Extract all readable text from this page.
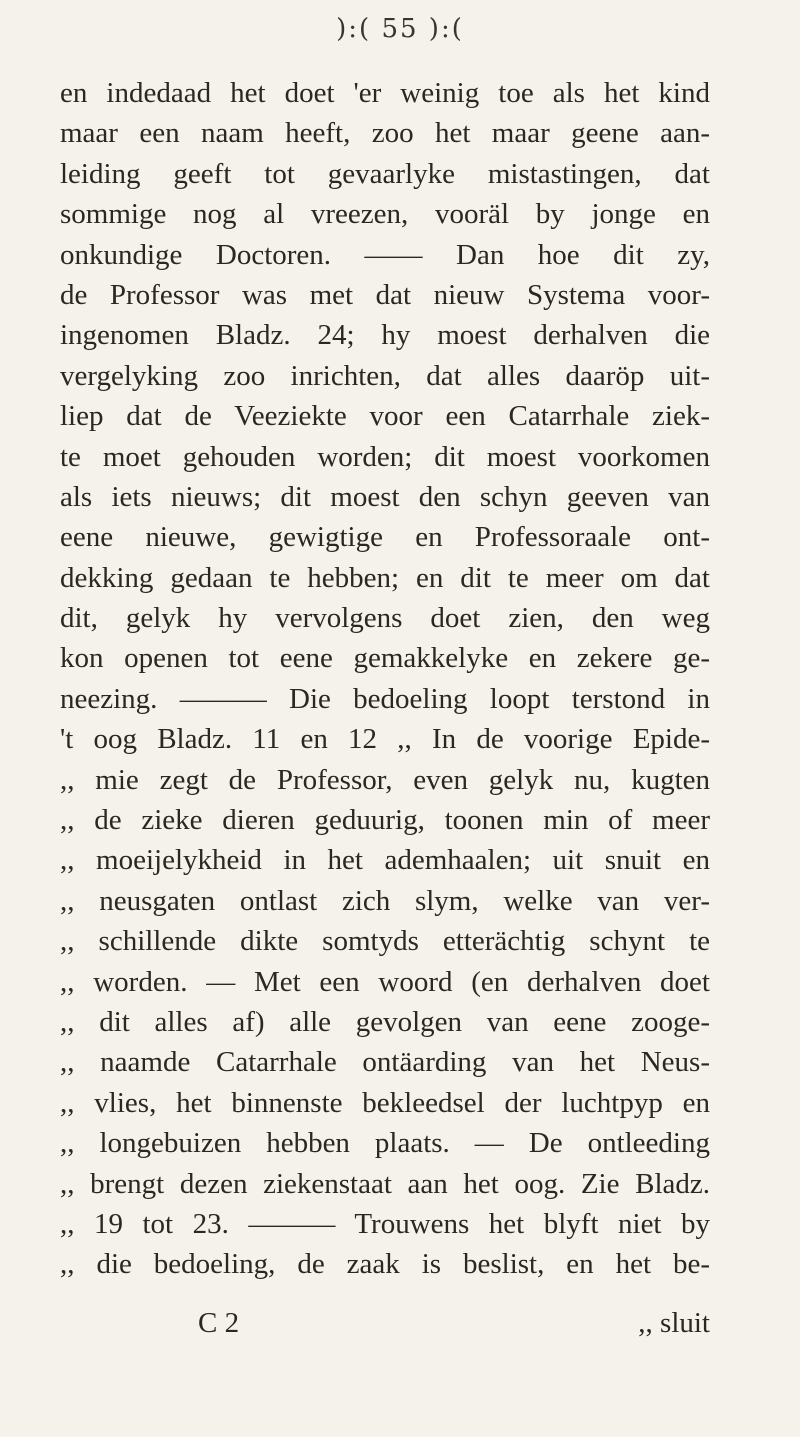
):( 55 ):(
en indedaad het doet 'er weinig toe als het kind
maar een naam heeft, zoo het maar geene aan-
leiding geeft tot gevaarlyke mistastingen, dat
sommige nog al vreezen, vooräl by jonge en
onkundige Doctoren. —— Dan hoe dit zy,
de Professor was met dat nieuw Systema voor-
ingenomen Bladz. 24; hy moest derhalven die
vergelyking zoo inrichten, dat alles daaröp uit-
liep dat de Veeziekte voor een Catarrhale ziek-
te moet gehouden worden; dit moest voorkomen
als iets nieuws; dit moest den schyn geeven van
eene nieuwe, gewigtige en Professoraale ont-
dekking gedaan te hebben; en dit te meer om dat
dit, gelyk hy vervolgens doet zien, den weg
kon openen tot eene gemakkelyke en zekere ge-
neezing. ——— Die bedoeling loopt terstond in
't oog Bladz. 11 en 12 ,, In de voorige Epide-
,, mie zegt de Professor, even gelyk nu, kugten
,, de zieke dieren geduurig, toonen min of meer
,, moeijelykheid in het ademhaalen; uit snuit en
,, neusgaten ontlast zich slym, welke van ver-
,, schillende dikte somtyds etterächtig schynt te
,, worden. — Met een woord (en derhalven doet
,, dit alles af) alle gevolgen van eene zooge-
,, naamde Catarrhale ontäarding van het Neus-
,, vlies, het binnenste bekleedsel der luchtpyp en
,, longebuizen hebben plaats. — De ontleeding
,, brengt dezen ziekenstaat aan het oog. Zie Bladz.
,, 19 tot 23. ——— Trouwens het blyft niet by
,, die bedoeling, de zaak is beslist, en het be-
C 2	,, sluit
